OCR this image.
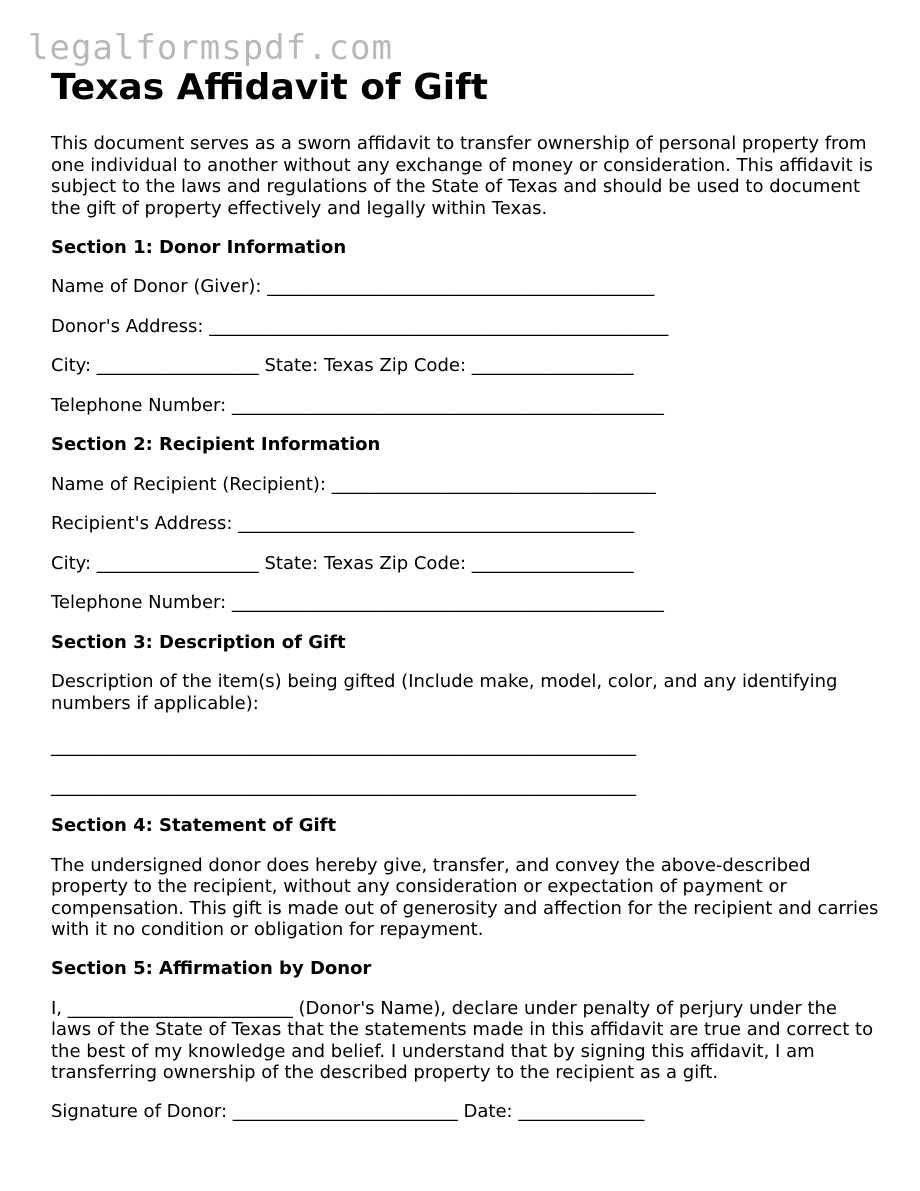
legalformspdf.com
Texas Affidavit of Gift

This document serves as a sworn affidavit to transfer ownership of personal property from one individual to another without any exchange of money or consideration. This affidavit is subject to the laws and regulations of the State of Texas and should be used to document the gift of property effectively and legally within Texas.

Section 1: Donor Information

Name of Donor (Giver): ___________________________________________

Donor's Address: ___________________________________________________

City: __________________ State: Texas Zip Code: __________________

Telephone Number: ________________________________________________

Section 2: Recipient Information

Name of Recipient (Recipient): ____________________________________

Recipient's Address: ____________________________________________

City: __________________ State: Texas Zip Code: __________________

Telephone Number: ________________________________________________

Section 3: Description of Gift

Description of the item(s) being gifted (Include make, model, color, and any identifying numbers if applicable):

_________________________________________________________________

_________________________________________________________________

Section 4: Statement of Gift

The undersigned donor does hereby give, transfer, and convey the above-described property to the recipient, without any consideration or expectation of payment or compensation. This gift is made out of generosity and affection for the recipient and carries with it no condition or obligation for repayment.

Section 5: Affirmation by Donor

I, _________________________ (Donor's Name), declare under penalty of perjury under the laws of the State of Texas that the statements made in this affidavit are true and correct to the best of my knowledge and belief. I understand that by signing this affidavit, I am transferring ownership of the described property to the recipient as a gift.

Signature of Donor: _________________________ Date: ______________
